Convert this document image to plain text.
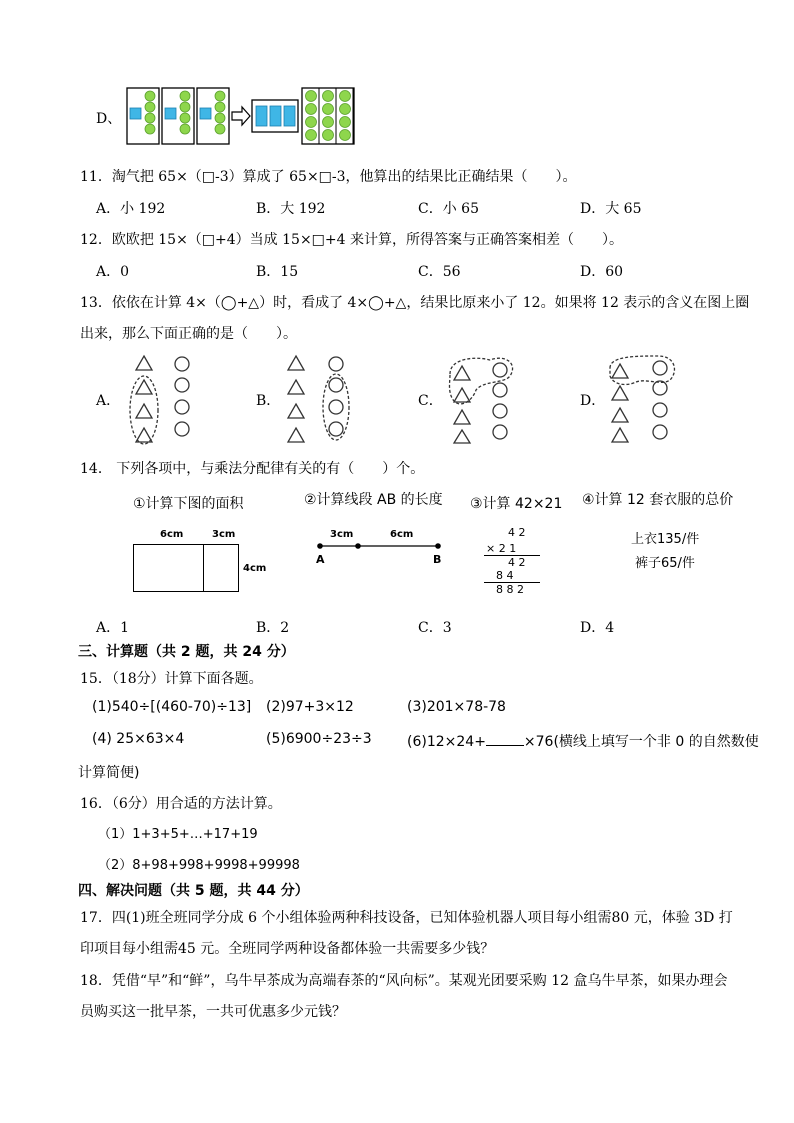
D、
11．淘气把 65×（□-3）算成了 65×□-3，他算出的结果比正确结果（　　）。
A．小 192	B．大 192	C．小 65	D．大 65
12．欧欧把 15×（□+4）当成 15×□+4 来计算，所得答案与正确答案相差（　　）。
A．0	B．15	C．56	D．60
13．依依在计算 4×（◯+△）时，看成了 4×◯+△，结果比原来小了 12。如果将 12 表示的含义在图上圈
出来，那么下面正确的是（　　）。
A．	B．	C．	D．
14． 下列各项中，与乘法分配律有关的有（　　）个。
①计算下图的面积	②计算线段 AB 的长度 ③计算 42×21 ④计算 12 套衣服的总价
6cm	3cm
4cm
3cm	6cm
A	B
4 2
× 2 1
4 2
8 4
8 8 2
上衣135/件
裤子65/件
A．1	B．2	C．3	D．4
三、计算题（共 2 题，共 24 分）
15．（18分）计算下面各题。
(1)540÷[(460-70)÷13] (2)97+3×12	(3)201×78-78
(4) 25×63×4	(5)6900÷23÷3	(6)12×24+	×76(横线上填写一个非 0 的自然数使
计算简便)
16．（6分）用合适的方法计算。
（1）1+3+5+…+17+19
（2）8+98+998+9998+99998
四、解决问题（共 5 题，共 44 分）
17．四(1)班全班同学分成 6 个小组体验两种科技设备，已知体验机器人项目每小组需80 元，体验 3D 打
印项目每小组需45 元。全班同学两种设备都体验一共需要多少钱？
18．凭借“早”和“鲜”，乌牛早茶成为高端春茶的“风向标”。某观光团要采购 12 盒乌牛早茶，如果办理会
员购买这一批早茶，一共可优惠多少元钱？
